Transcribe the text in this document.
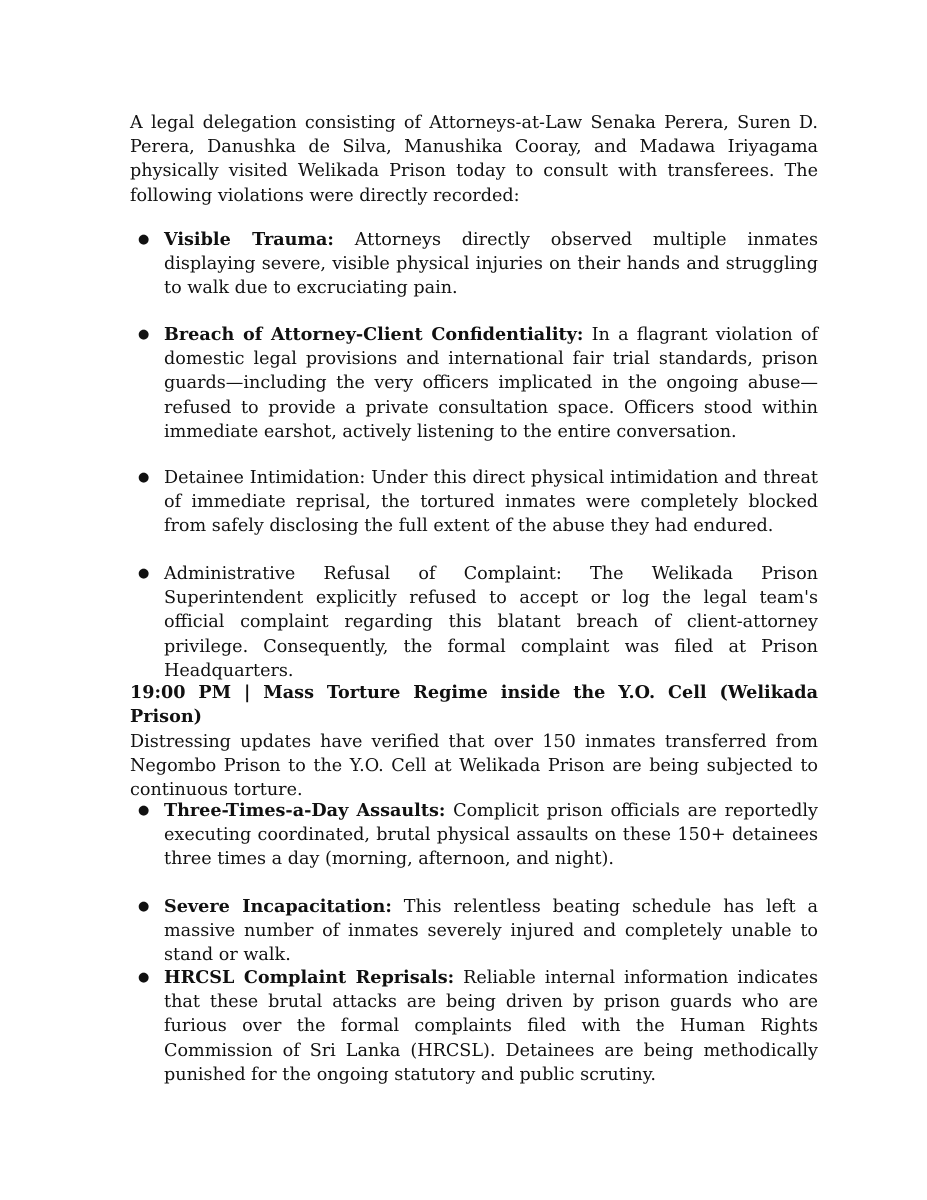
A legal delegation consisting of Attorneys-at-Law Senaka Perera, Suren D. Perera, Danushka de Silva, Manushika Cooray, and Madawa Iriyagama physically visited Welikada Prison today to consult with transferees. The following violations were directly recorded:

● Visible Trauma: Attorneys directly observed multiple inmates displaying severe, visible physical injuries on their hands and struggling to walk due to excruciating pain.
● Breach of Attorney-Client Confidentiality: In a flagrant violation of domestic legal provisions and international fair trial standards, prison guards—including the very officers implicated in the ongoing abuse—refused to provide a private consultation space. Officers stood within immediate earshot, actively listening to the entire conversation.
● Detainee Intimidation: Under this direct physical intimidation and threat of immediate reprisal, the tortured inmates were completely blocked from safely disclosing the full extent of the abuse they had endured.
● Administrative Refusal of Complaint: The Welikada Prison Superintendent explicitly refused to accept or log the legal team's official complaint regarding this blatant breach of client-attorney privilege. Consequently, the formal complaint was filed at Prison Headquarters.

19:00 PM | Mass Torture Regime inside the Y.O. Cell (Welikada Prison)

Distressing updates have verified that over 150 inmates transferred from Negombo Prison to the Y.O. Cell at Welikada Prison are being subjected to continuous torture.

● Three-Times-a-Day Assaults: Complicit prison officials are reportedly executing coordinated, brutal physical assaults on these 150+ detainees three times a day (morning, afternoon, and night).
● Severe Incapacitation: This relentless beating schedule has left a massive number of inmates severely injured and completely unable to stand or walk.
● HRCSL Complaint Reprisals: Reliable internal information indicates that these brutal attacks are being driven by prison guards who are furious over the formal complaints filed with the Human Rights Commission of Sri Lanka (HRCSL). Detainees are being methodically punished for the ongoing statutory and public scrutiny.
